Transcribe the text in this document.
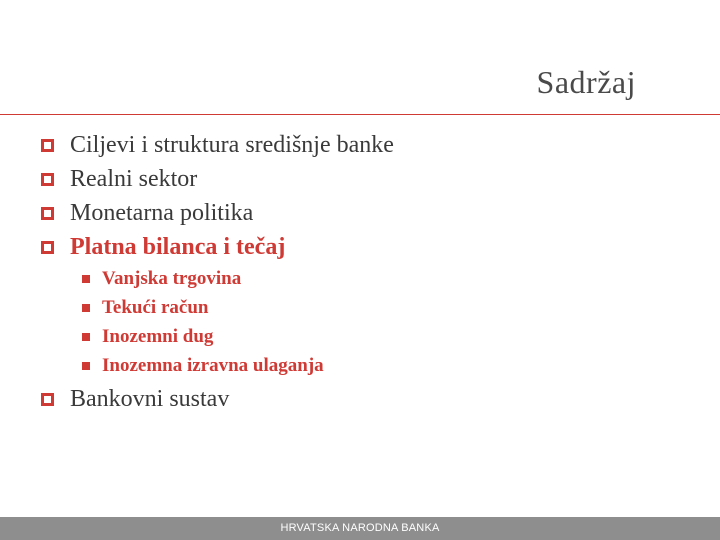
Sadržaj
Ciljevi i struktura središnje banke
Realni sektor
Monetarna politika
Platna bilanca i tečaj
Vanjska trgovina
Tekući račun
Inozemni dug
Inozemna izravna ulaganja
Bankovni sustav
HRVATSKA NARODNA BANKA
